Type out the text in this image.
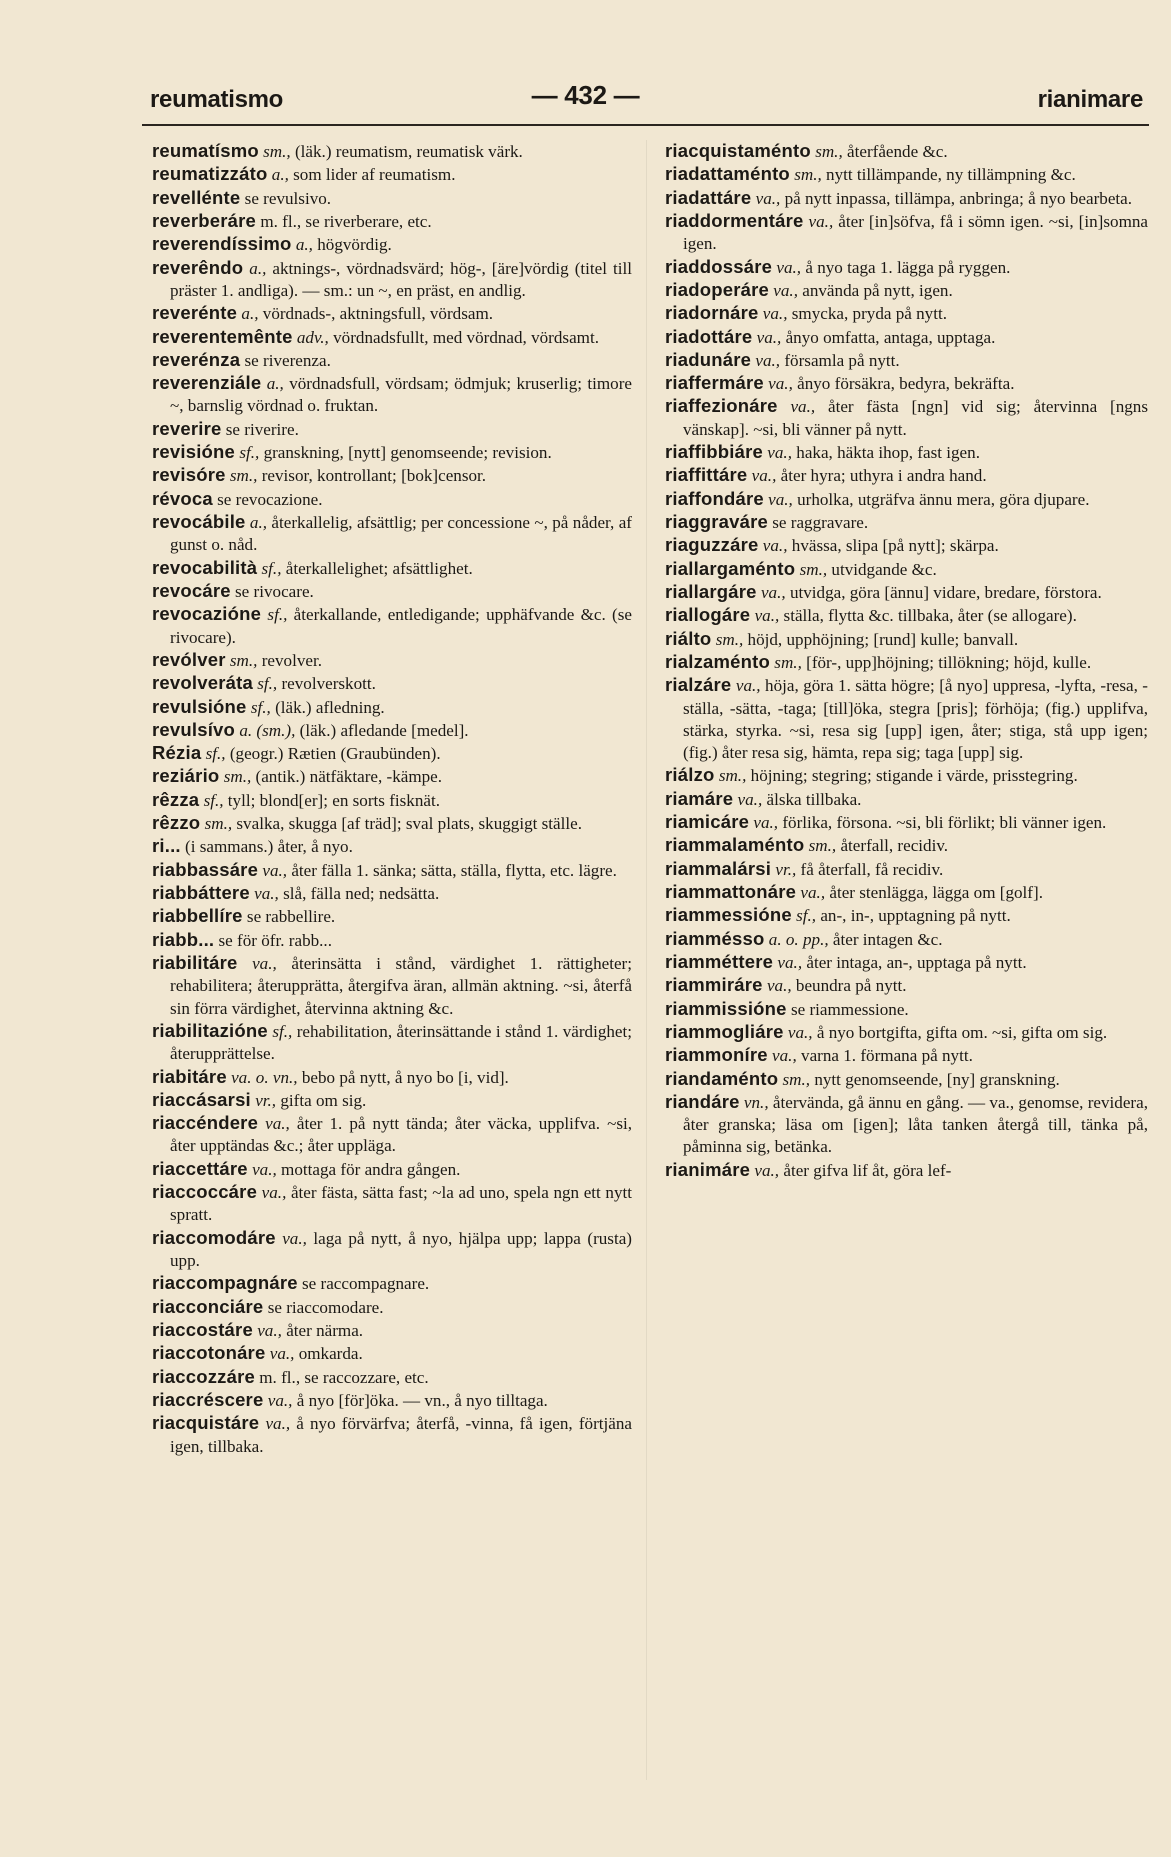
reumatismo	— 432 —	rianimare

reumatísmo sm., (läk.) reumatism, reumatisk värk.

reumatizzáto a., som lider af reumatism.

revellénte se revulsivo.

reverberáre m. fl., se riverberare, etc.

reverendíssimo a., högvördig.

reverêndo a., aktnings-, vördnadsvärd; hög-, [äre]vördig (titel till präster 1. andliga). — sm.: un ~, en präst, en andlig.

reverénte a., vördnads-, aktningsfull, vördsam.

reverentemênte adv., vördnadsfullt, med vördnad, vördsamt.

reverénza se riverenza.

reverenziále a., vördnadsfull, vördsam; ödmjuk; kruserlig; timore ~, barnslig vördnad o. fruktan.

reverire se riverire.

revisióne sf., granskning, [nytt] genomseende; revision.

revisóre sm., revisor, kontrollant; [bok]censor.

révoca se revocazione.

revocábile a., återkallelig, afsättlig; per concessione ~, på nåder, af gunst o. nåd.

revocabilità sf., återkallelighet; afsättlighet.

revocáre se rivocare.

revocazióne sf., återkallande, entledigande; upphäfvande &c. (se rivocare).

revólver sm., revolver.

revolveráta sf., revolverskott.

revulsióne sf., (läk.) afledning.

revulsívo a. (sm.), (läk.) afledande [medel].

Rézia sf., (geogr.) Rætien (Graubünden).

reziário sm., (antik.) nätfäktare, -kämpe.

rêzza sf., tyll; blond[er]; en sorts fisknät.

rêzzo sm., svalka, skugga [af träd]; sval plats, skuggigt ställe.

ri... (i sammans.) åter, å nyo.

riabbassáre va., åter fälla 1. sänka; sätta, ställa, flytta, etc. lägre.

riabbáttere va., slå, fälla ned; nedsätta.

riabbellíre se rabbellire.

riabb... se för öfr. rabb...

riabilitáre va., återinsätta i stånd, värdighet 1. rättigheter; rehabilitera; återupprätta, återgifva äran, allmän aktning. ~si, återfå sin förra värdighet, återvinna aktning &c.

riabilitazióne sf., rehabilitation, återinsättande i stånd 1. värdighet; återupprättelse.

riabitáre va. o. vn., bebo på nytt, å nyo bo [i, vid].

riaccásarsi vr., gifta om sig.

riaccéndere va., åter 1. på nytt tända; åter väcka, upplifva. ~si, åter upptändas &c.; åter uppläga.

riaccettáre va., mottaga för andra gången.

riaccoccáre va., åter fästa, sätta fast; ~la ad uno, spela ngn ett nytt spratt.

riaccomodáre va., laga på nytt, å nyo, hjälpa upp; lappa (rusta) upp.

riaccompagnáre se raccompagnare.

riacconciáre se riaccomodare.

riaccostáre va., åter närma.

riaccotonáre va., omkarda.

riaccozzáre m. fl., se raccozzare, etc.

riaccréscere va., å nyo [för]öka. — vn., å nyo tilltaga.

riacquistáre va., å nyo förvärfva; återfå, -vinna, få igen, förtjäna igen, tillbaka.

riacquistaménto sm., återfående &c.

riadattaménto sm., nytt tillämpande, ny tillämpning &c.

riadattáre va., på nytt inpassa, tillämpa, anbringa; å nyo bearbeta.

riaddormentáre va., åter [in]söfva, få i sömn igen. ~si, [in]somna igen.

riaddossáre va., å nyo taga 1. lägga på ryggen.

riadoperáre va., använda på nytt, igen.

riadornáre va., smycka, pryda på nytt.

riadottáre va., ånyo omfatta, antaga, upptaga.

riadunáre va., församla på nytt.

riaffermáre va., ånyo försäkra, bedyra, bekräfta.

riaffezionáre va., åter fästa [ngn] vid sig; återvinna [ngns vänskap]. ~si, bli vänner på nytt.

riaffibbiáre va., haka, häkta ihop, fast igen.

riaffittáre va., åter hyra; uthyra i andra hand.

riaffondáre va., urholka, utgräfva ännu mera, göra djupare.

riaggraváre se raggravare.

riaguzzáre va., hvässa, slipa [på nytt]; skärpa.

riallargaménto sm., utvidgande &c.

riallargáre va., utvidga, göra [ännu] vidare, bredare, förstora.

riallogáre va., ställa, flytta &c. tillbaka, åter (se allogare).

riálto sm., höjd, upphöjning; [rund] kulle; banvall.

rialzaménto sm., [för-, upp]höjning; tillökning; höjd, kulle.

rialzáre va., höja, göra 1. sätta högre; [å nyo] uppresa, -lyfta, -resa, -ställa, -sätta, -taga; [till]öka, stegra [pris]; förhöja; (fig.) upplifva, stärka, styrka. ~si, resa sig [upp] igen, åter; stiga, stå upp igen; (fig.) åter resa sig, hämta, repa sig; taga [upp] sig.

riálzo sm., höjning; stegring; stigande i värde, prisstegring.

riamáre va., älska tillbaka.

riamicáre va., förlika, försona. ~si, bli förlikt; bli vänner igen.

riammalaménto sm., återfall, recidiv.

riammalársi vr., få återfall, få recidiv.

riammattonáre va., åter stenlägga, lägga om [golf].

riammessióne sf., an-, in-, upptagning på nytt.

riamméssо a. o. pp., åter intagen &c.

riamméttere va., åter intaga, an-, upptaga på nytt.

riammiráre va., beundra på nytt.

riammissióne se riammessione.

riammogliáre va., å nyo bortgifta, gifta om. ~si, gifta om sig.

riammoníre va., varna 1. förmana på nytt.

riandaménto sm., nytt genomseende, [ny] granskning.

riandáre vn., återvända, gå ännu en gång. — va., genomse, revidera, åter granska; läsa om [igen]; låta tanken återgå till, tänka på, påminna sig, betänka.

rianimáre va., åter gifva lif åt, göra lef-
